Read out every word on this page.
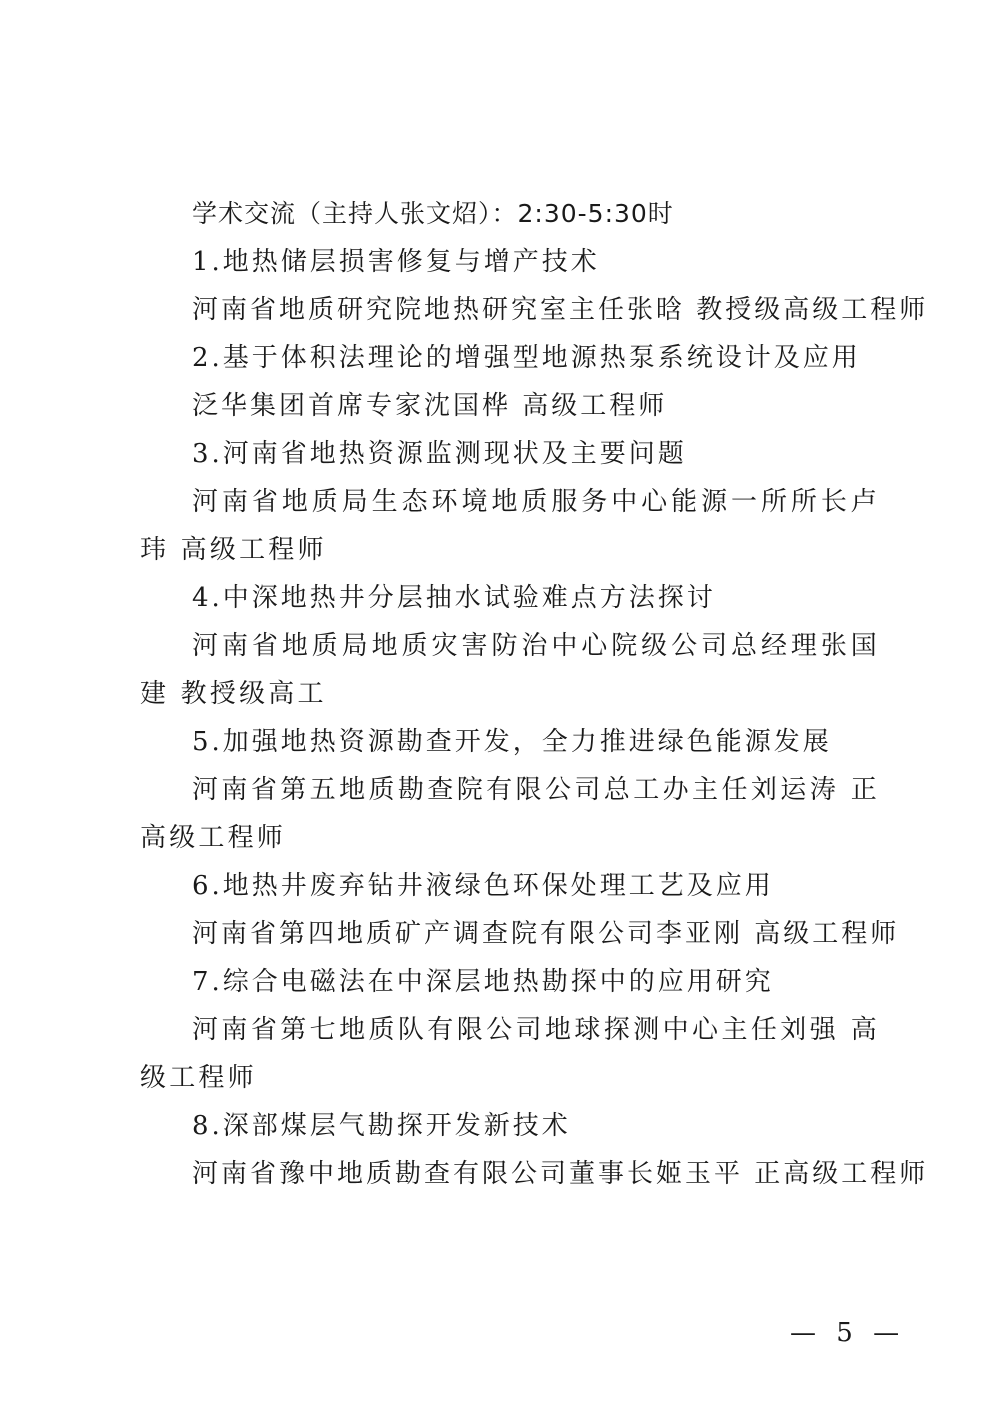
学术交流（主持人张文炤）：2:30-5:30时
1.地热储层损害修复与增产技术
河南省地质研究院地热研究室主任张晗 教授级高级工程师
2.基于体积法理论的增强型地源热泵系统设计及应用
泛华集团首席专家沈国桦 高级工程师
3.河南省地热资源监测现状及主要问题
河南省地质局生态环境地质服务中心能源一所所长卢玮 高级工程师
4.中深地热井分层抽水试验难点方法探讨
河南省地质局地质灾害防治中心院级公司总经理张国建 教授级高工
5.加强地热资源勘查开发，全力推进绿色能源发展
河南省第五地质勘查院有限公司总工办主任刘运涛 正高级工程师
6.地热井废弃钻井液绿色环保处理工艺及应用
河南省第四地质矿产调查院有限公司李亚刚 高级工程师
7.综合电磁法在中深层地热勘探中的应用研究
河南省第七地质队有限公司地球探测中心主任刘强 高级工程师
8.深部煤层气勘探开发新技术
河南省豫中地质勘查有限公司董事长姬玉平 正高级工程师
— 5 —
